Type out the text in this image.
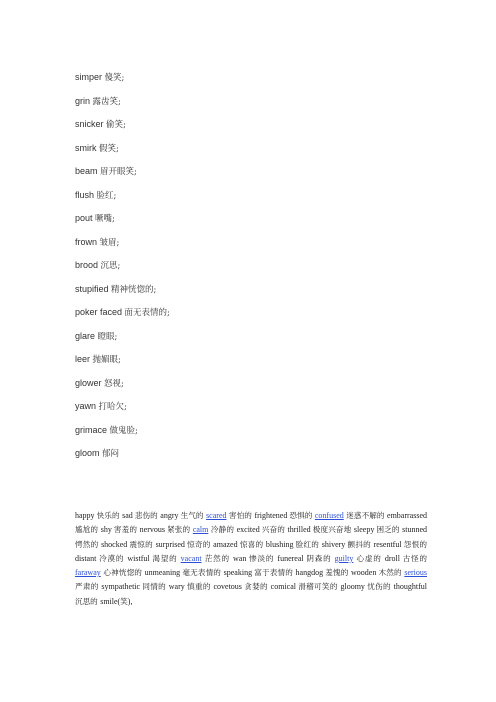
simper 傻笑;
grin 露齿笑;
snicker 偷笑;
smirk 假笑;
beam 眉开眼笑;
flush 脸红;
pout 噘嘴;
frown 皱眉;
brood 沉思;
stupified 精神恍惚的;
poker faced 面无表情的;
glare 瞪眼;
leer 抛媚眼;
glower 怒视;
yawn 打哈欠;
grimace 做鬼脸;
gloom 郁闷
happy 快乐的 sad 悲伤的 angry 生气的 scared 害怕的 frightened 恐惧的 confused 迷惑不解的 embarrassed 尴尬的 shy 害羞的 nervous 紧张的 calm 冷静的 excited 兴奋的 thrilled 极度兴奋地 sleepy 困乏的 stunned 愕然的 shocked 震惊的 surprised 惊奇的 amazed 惊喜的 blushing 脸红的 shivery 颤抖的 resentful 怨恨的 distant 冷漠的 wistful 渴望的 vacant 茫然的 wan 惨淡的 funereal 阴森的 guilty 心虚的 droll 古怪的 faraway 心神恍惚的 unmeaning 毫无表情的 speaking 富于表情的 hangdog 羞愧的 wooden 木然的 serious 严肃的 sympathetic 同情的 wary 慎重的 covetous 贪婪的 comical 滑稽可笑的 gloomy 忧伤的 thoughtful 沉思的 smile(笑),
